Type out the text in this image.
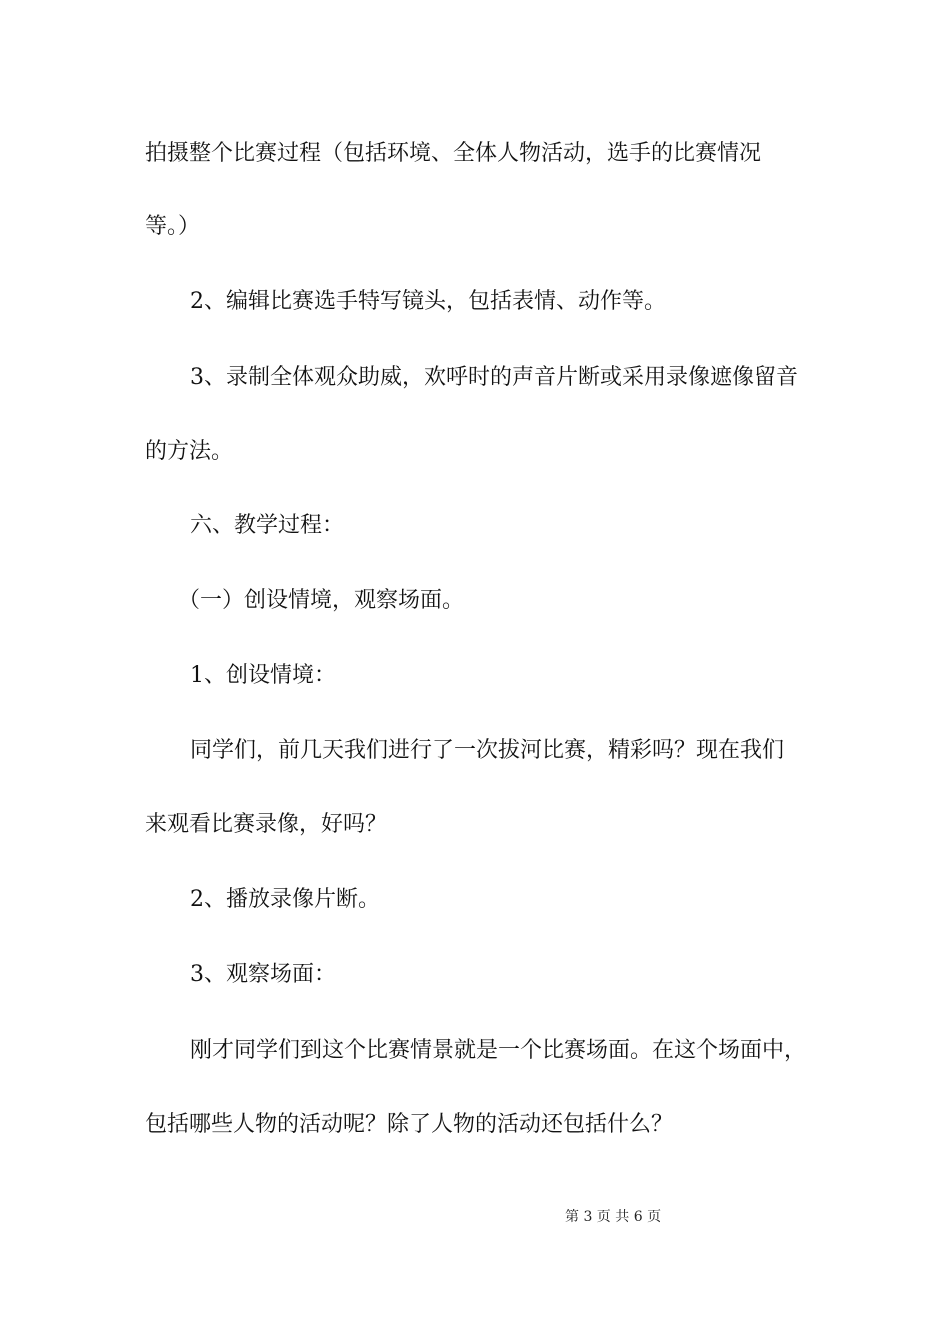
拍摄整个比赛过程（包括环境、全体人物活动，选手的比赛情况
等。）
2、编辑比赛选手特写镜头，包括表情、动作等。
3、录制全体观众助威，欢呼时的声音片断或采用录像遮像留音
的方法。
六、教学过程：
（一）创设情境，观察场面。
1、创设情境：
同学们，前几天我们进行了一次拔河比赛，精彩吗？现在我们
来观看比赛录像，好吗？
2、播放录像片断。
3、观察场面：
刚才同学们到这个比赛情景就是一个比赛场面。在这个场面中，
包括哪些人物的活动呢？除了人物的活动还包括什么？
第 3 页 共 6 页
